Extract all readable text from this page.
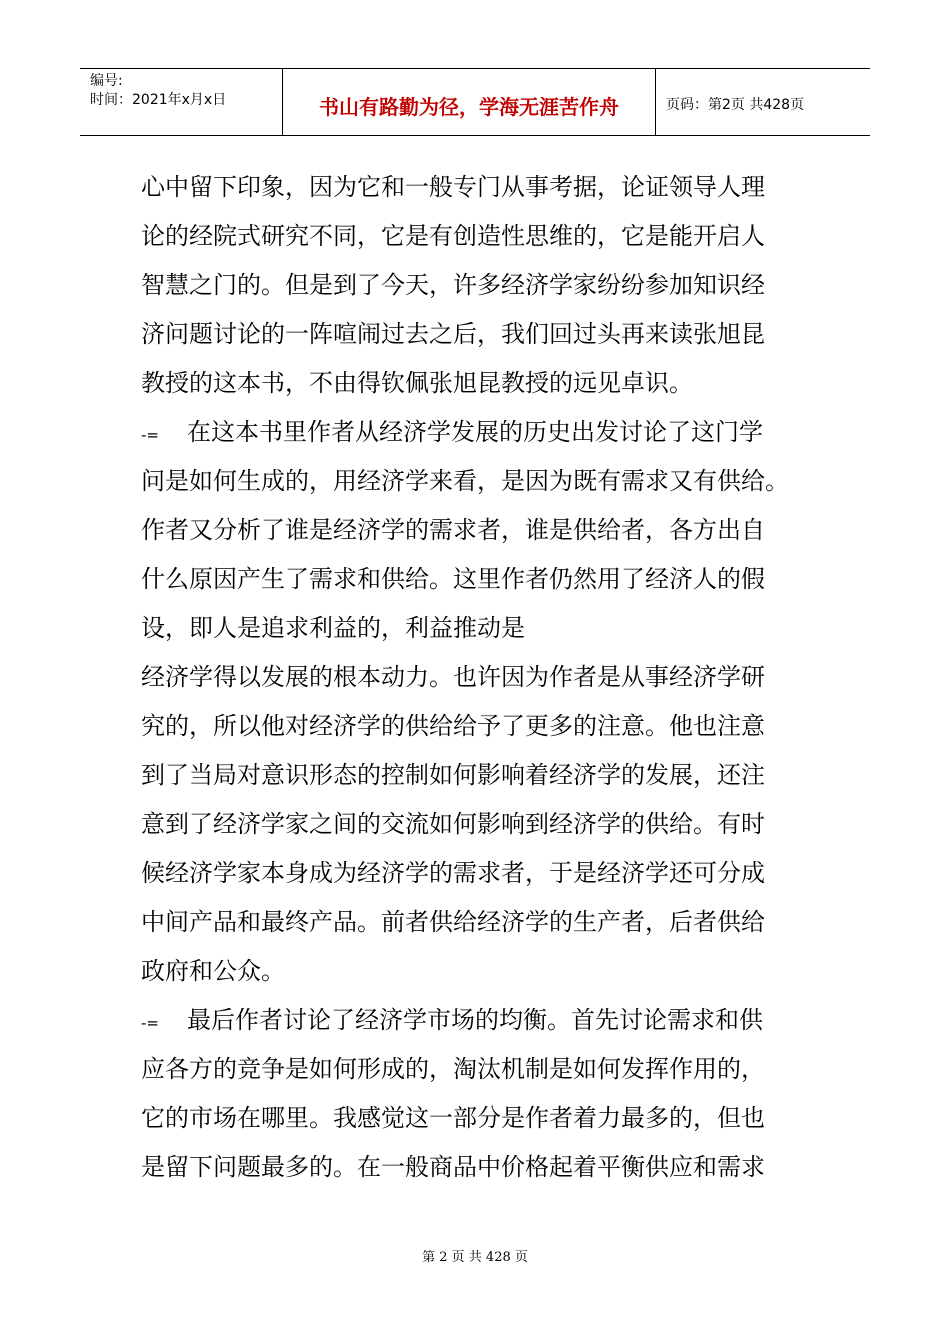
编号:
时间：2021年x月x日	书山有路勤为径，学海无涯苦作舟	页码：第2页 共428页
心中留下印象，因为它和一般专门从事考据，论证领导人理
论的经院式研究不同，它是有创造性思维的，它是能开启人
智慧之门的。但是到了今天，许多经济学家纷纷参加知识经
济问题讨论的一阵喧闹过去之后，我们回过头再来读张旭昆
教授的这本书，不由得钦佩张旭昆教授的远见卓识。
-= 在这本书里作者从经济学发展的历史出发讨论了这门学
问是如何生成的，用经济学来看，是因为既有需求又有供给。
作者又分析了谁是经济学的需求者，谁是供给者，各方出自
什么原因产生了需求和供给。这里作者仍然用了经济人的假
设，即人是追求利益的，利益推动是
经济学得以发展的根本动力。也许因为作者是从事经济学研
究的，所以他对经济学的供给给予了更多的注意。他也注意
到了当局对意识形态的控制如何影响着经济学的发展，还注
意到了经济学家之间的交流如何影响到经济学的供给。有时
候经济学家本身成为经济学的需求者，于是经济学还可分成
中间产品和最终产品。前者供给经济学的生产者，后者供给
政府和公众。
-= 最后作者讨论了经济学市场的均衡。首先讨论需求和供
应各方的竞争是如何形成的，淘汰机制是如何发挥作用的，
它的市场在哪里。我感觉这一部分是作者着力最多的，但也
是留下问题最多的。在一般商品中价格起着平衡供应和需求
第 2 页 共 428 页
